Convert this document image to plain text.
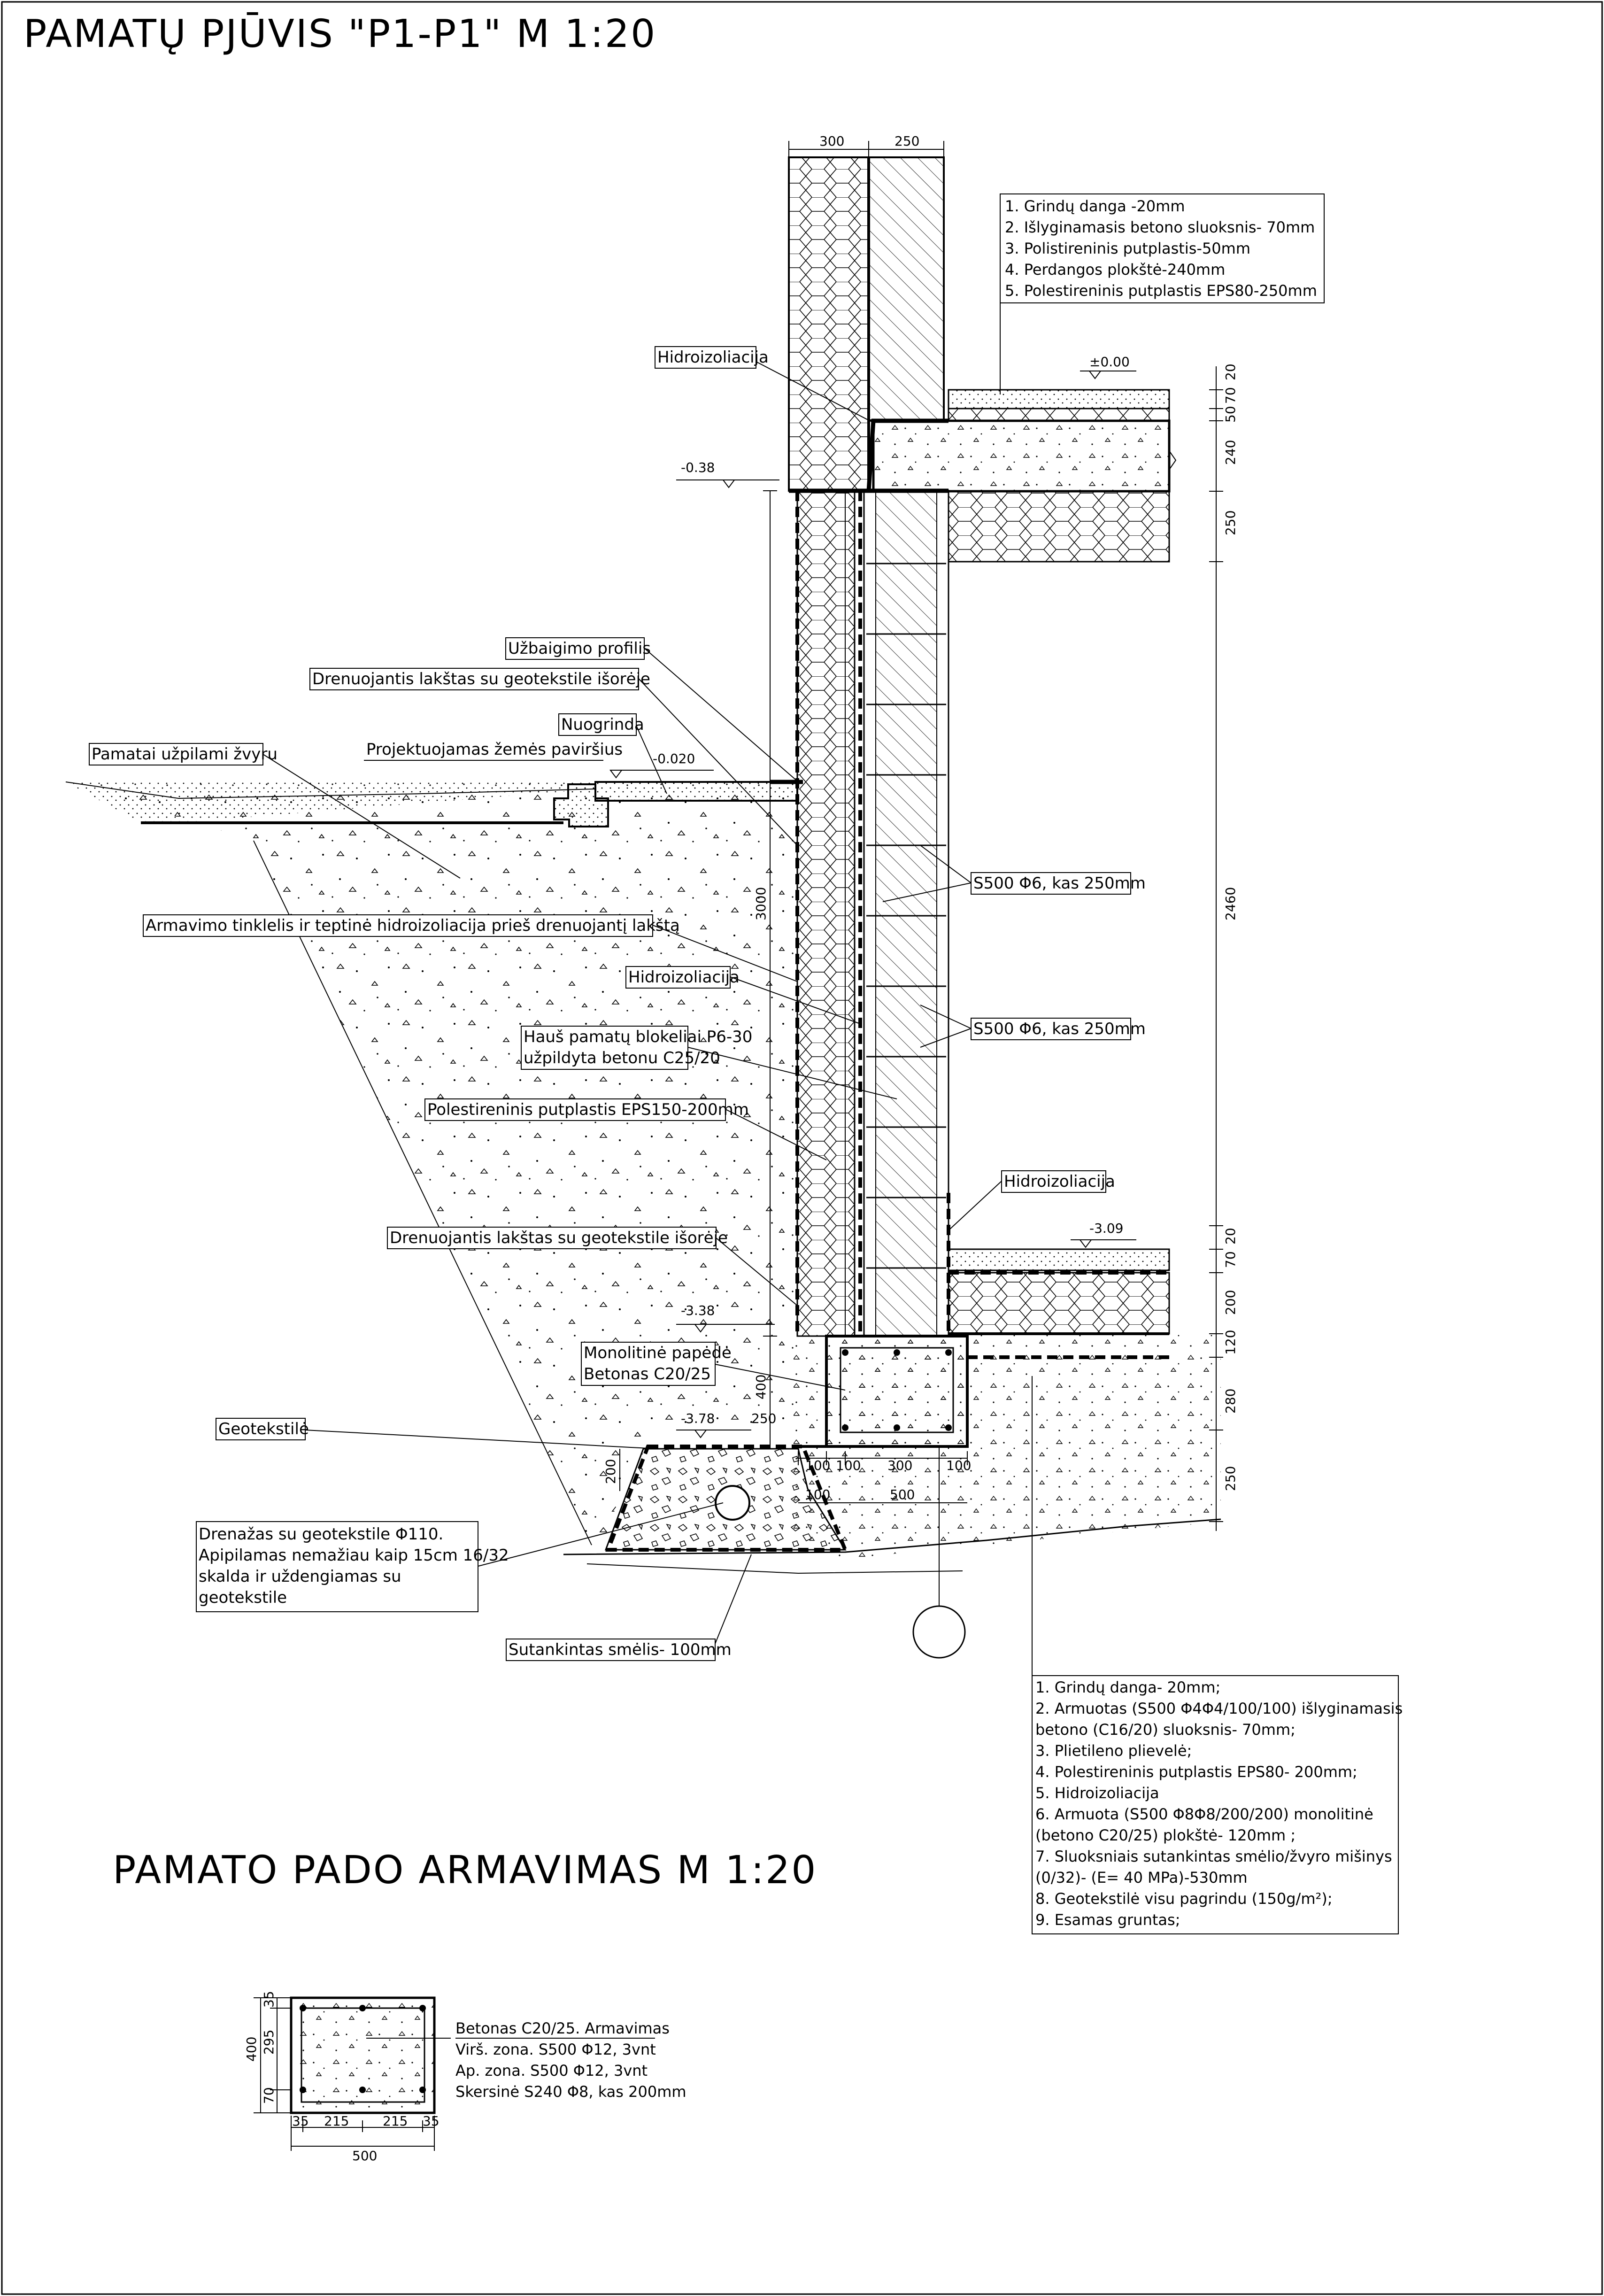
PAMATŲ PJŪVIS "P1-P1" M 1:20
PAMATO PADO ARMAVIMAS M 1:20
1. Grindų danga -20mm
2. Išlyginamasis betono sluoksnis- 70mm
3. Polistireninis putplastis-50mm
4. Perdangos plokštė-240mm
5. Polestireninis putplastis EPS80-250mm
300	250
±0.00
-0.38
-0.020
-3.09
-3.38
-3.78
Hidroizoliacija
Užbaigimo profilis
Drenuojantis lakštas su geotekstile išorėje
Nuogrinda
Pamatai užpilami žvyru	Projektuojamas žemės paviršius
Armavimo tinklelis ir teptinė hidroizoliacija prieš drenuojantį lakštą
Hidroizoliacija
Hauš pamatų blokeliai P6-30
užpildyta betonu C25/20
Polestireninis putplastis EPS150-200mm
Drenuojantis lakštas su geotekstile išorėje
Monolitinė papėdė
Betonas C20/25
Geotekstilė
Drenažas su geotekstile Φ110.
Apipilamas nemažiau kaip 15cm 16/32
skalda ir uždengiamas su
geotekstile
Sutankintas smėlis- 100mm
S500 Φ6, kas 250mm
S500 Φ6, kas 250mm
Hidroizoliacija
1. Grindų danga- 20mm;
2. Armuotas (S500 Φ4Φ4/100/100) išlyginamasis
betono (C16/20) sluoksnis- 70mm;
3. Plietileno plievelė;
4. Polestireninis putplastis EPS80- 200mm;
5. Hidroizoliacija
6. Armuota (S500 Φ8Φ8/200/200) monolitinė
(betono C20/25) plokštė- 120mm ;
7. Sluoksniais sutankintas smėlio/žvyro mišinys
(0/32)- (E= 40 MPa)-530mm
8. Geotekstilė visu pagrindu (150g/m²);
9. Esamas gruntas;
20
70
50
240
250
2460
20
70
200
120
280
250
3000
400
250
200	100 100 300	100
100	500
400
35
295
70
35 215	215 35
500
Betonas C20/25. Armavimas
Virš. zona. S500 Φ12, 3vnt
Ap. zona. S500 Φ12, 3vnt
Skersinė S240 Φ8, kas 200mm
